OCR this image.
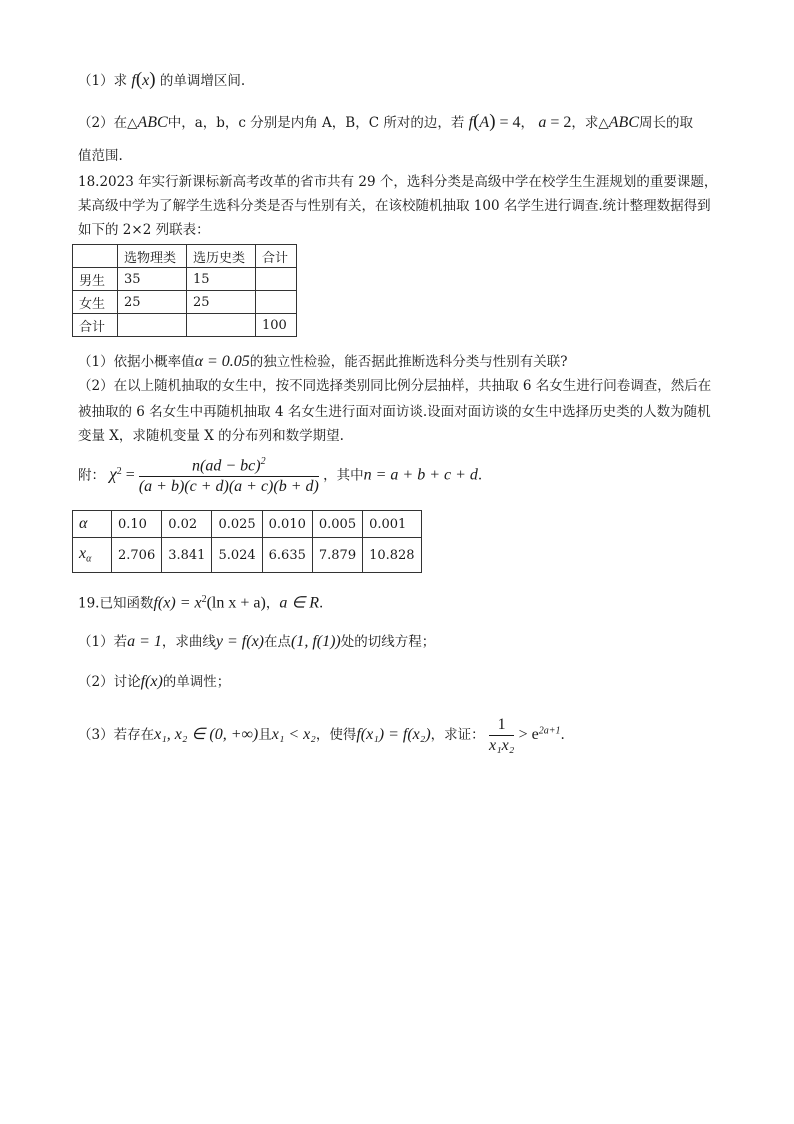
（1）求 f(x) 的单调增区间.
（2）在△ABC中，a，b，c 分别是内角 A，B，C 所对的边，若 f(A) = 4， a = 2，求△ABC周长的取
值范围.
18.2023 年实行新课标新高考改革的省市共有 29 个，选科分类是高级中学在校学生生涯规划的重要课题，
某高级中学为了解学生选科分类是否与性别有关，在该校随机抽取 100 名学生进行调查.统计整理数据得到
如下的 2×2 列联表：
	选物理类	选历史类	合计
男生	35	15	
女生	25	25	
合计			100
（1）依据小概率值α = 0.05的独立性检验，能否据此推断选科分类与性别有关联?
（2）在以上随机抽取的女生中，按不同选择类别同比例分层抽样，共抽取 6 名女生进行问卷调查，然后在
被抽取的 6 名女生中再随机抽取 4 名女生进行面对面访谈.设面对面访谈的女生中选择历史类的人数为随机
变量 X，求随机变量 X 的分布列和数学期望.
附： $\chi^2 = \frac{n(ad - bc)^2}{(a + b)(c + d)(a + c)(b + d)}$ ，其中n = a + b + c + d.
α	0.10	0.02	0.025	0.010	0.005	0.001
$x_\alpha$	2.706	3.841	5.024	6.635	7.879	10.828
19.已知函数$f(x) = x^2(\ln$ x + a)，a ∈ R.
（1）若a = 1，求曲线y = f(x)在点(1, f(1))处的切线方程；
（2）讨论f(x)的单调性；
（3）若存在x₁, x₂ ∈ (0, +∞)且x₁ < x₂，使得f(x₁) = f(x₂)，求证： $\frac{1}{\text{x₁x₂}} > e^{2a+1}$.
